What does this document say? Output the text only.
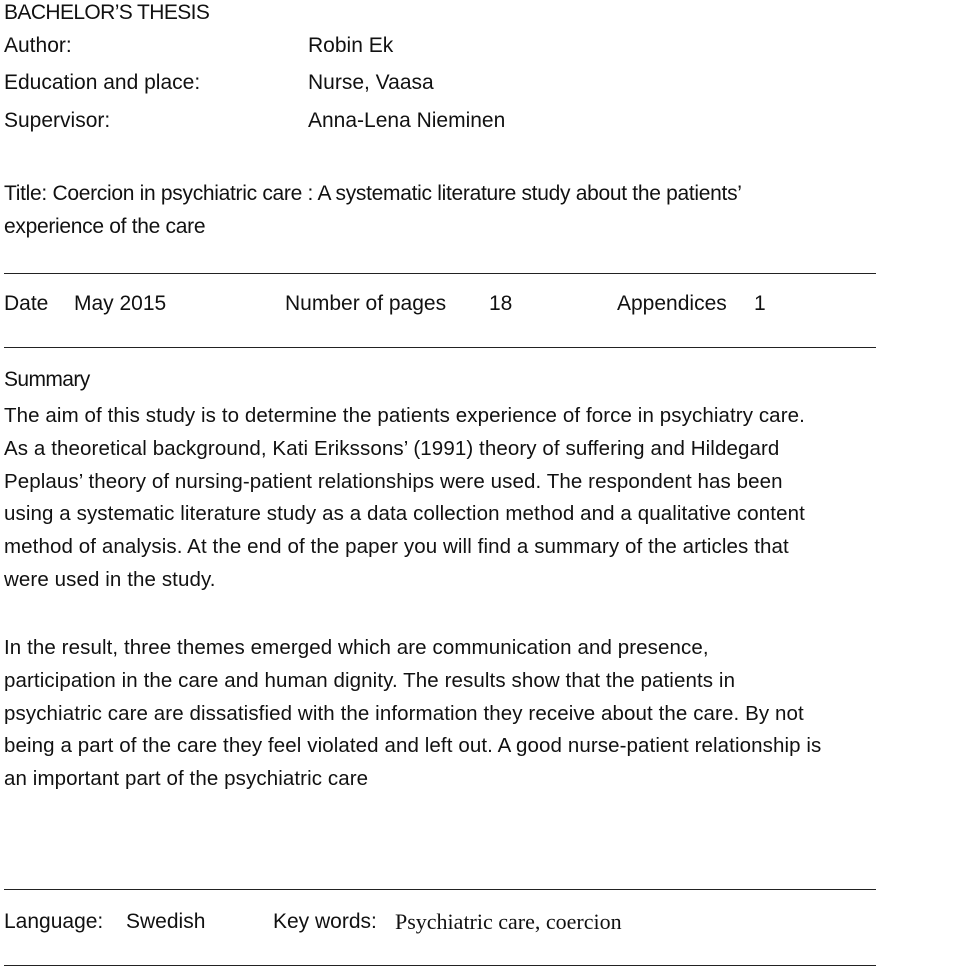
BACHELOR’S THESIS
Author:	Robin Ek
Education and place:	Nurse, Vaasa
Supervisor:	Anna-Lena Nieminen
Title: Coercion in psychiatric care : A systematic literature study about the patients’
experience of the care
Date May 2015	Number of pages 18	Appendices 1
Summary
The aim of this study is to determine the patients experience of force in psychiatry care.
As a theoretical background, Kati Erikssons’ (1991) theory of suffering and Hildegard
Peplaus’ theory of nursing-patient relationships were used. The respondent has been
using a systematic literature study as a data collection method and a qualitative content
method of analysis. At the end of the paper you will find a summary of the articles that
were used in the study.
In the result, three themes emerged which are communication and presence,
participation in the care and human dignity. The results show that the patients in
psychiatric care are dissatisfied with the information they receive about the care. By not
being a part of the care they feel violated and left out. A good nurse-patient relationship is
an important part of the psychiatric care
Language: Swedish	Key words: Psychiatric care, coercion
